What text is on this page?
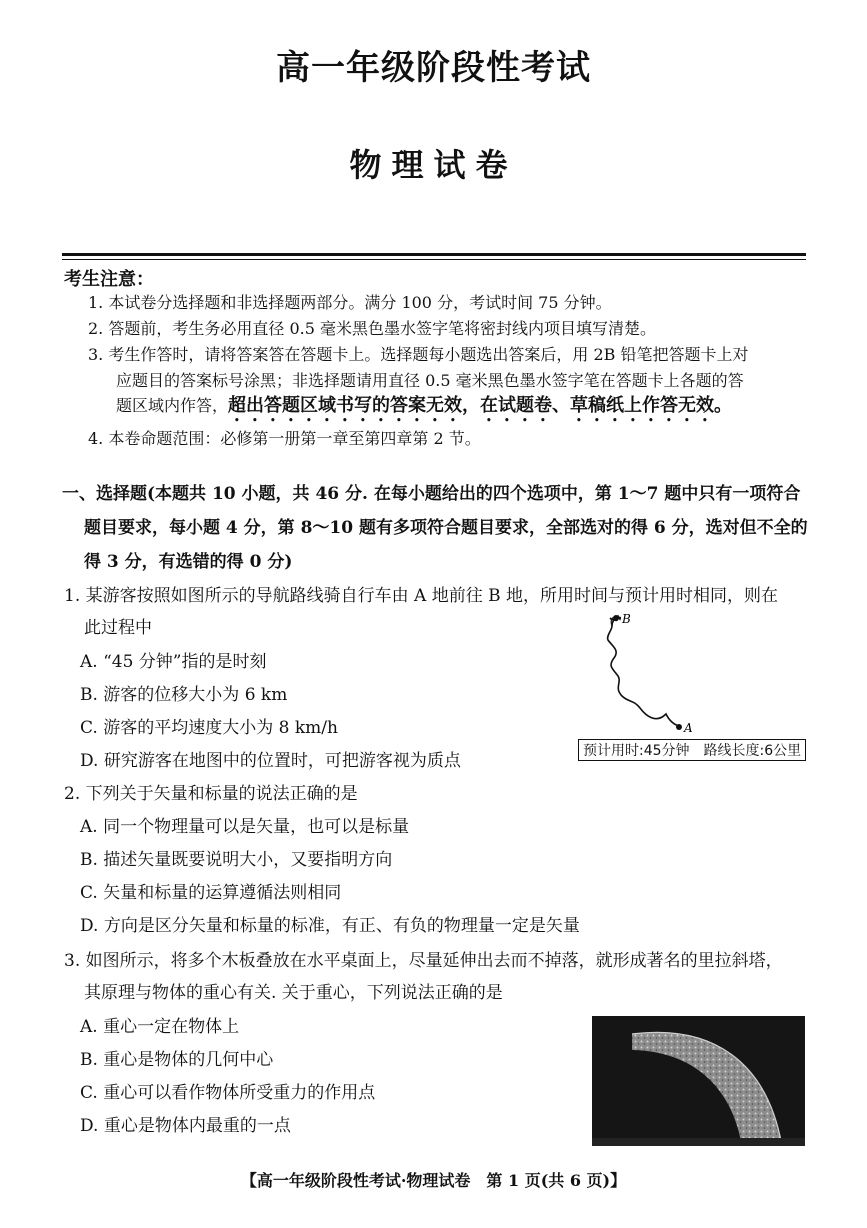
高一年级阶段性考试
物理试卷
考生注意：
1. 本试卷分选择题和非选择题两部分。满分 100 分，考试时间 75 分钟。
2. 答题前，考生务必用直径 0.5 毫米黑色墨水签字笔将密封线内项目填写清楚。
3. 考生作答时，请将答案答在答题卡上。选择题每小题选出答案后，用 2B 铅笔把答题卡上对
应题目的答案标号涂黑；非选择题请用直径 0.5 毫米黑色墨水签字笔在答题卡上各题的答
题区域内作答，超出答题区域书写的答案无效，在试题卷、草稿纸上作答无效。
4. 本卷命题范围：必修第一册第一章至第四章第 2 节。
一、选择题(本题共 10 小题，共 46 分. 在每小题给出的四个选项中，第 1～7 题中只有一项符合
题目要求，每小题 4 分，第 8～10 题有多项符合题目要求，全部选对的得 6 分，选对但不全的
得 3 分，有选错的得 0 分)
1. 某游客按照如图所示的导航路线骑自行车由 A 地前往 B 地，所用时间与预计用时相同，则在
此过程中
A. “45 分钟”指的是时刻
B. 游客的位移大小为 6 km
C. 游客的平均速度大小为 8 km/h
D. 研究游客在地图中的位置时，可把游客视为质点
B
A
预计用时:45分钟　路线长度:6公里
2. 下列关于矢量和标量的说法正确的是
A. 同一个物理量可以是矢量，也可以是标量
B. 描述矢量既要说明大小，又要指明方向
C. 矢量和标量的运算遵循法则相同
D. 方向是区分矢量和标量的标准，有正、有负的物理量一定是矢量
3. 如图所示，将多个木板叠放在水平桌面上，尽量延伸出去而不掉落，就形成著名的里拉斜塔，
其原理与物体的重心有关. 关于重心，下列说法正确的是
A. 重心一定在物体上
B. 重心是物体的几何中心
C. 重心可以看作物体所受重力的作用点
D. 重心是物体内最重的一点
【高一年级阶段性考试·物理试卷　第 1 页(共 6 页)】
